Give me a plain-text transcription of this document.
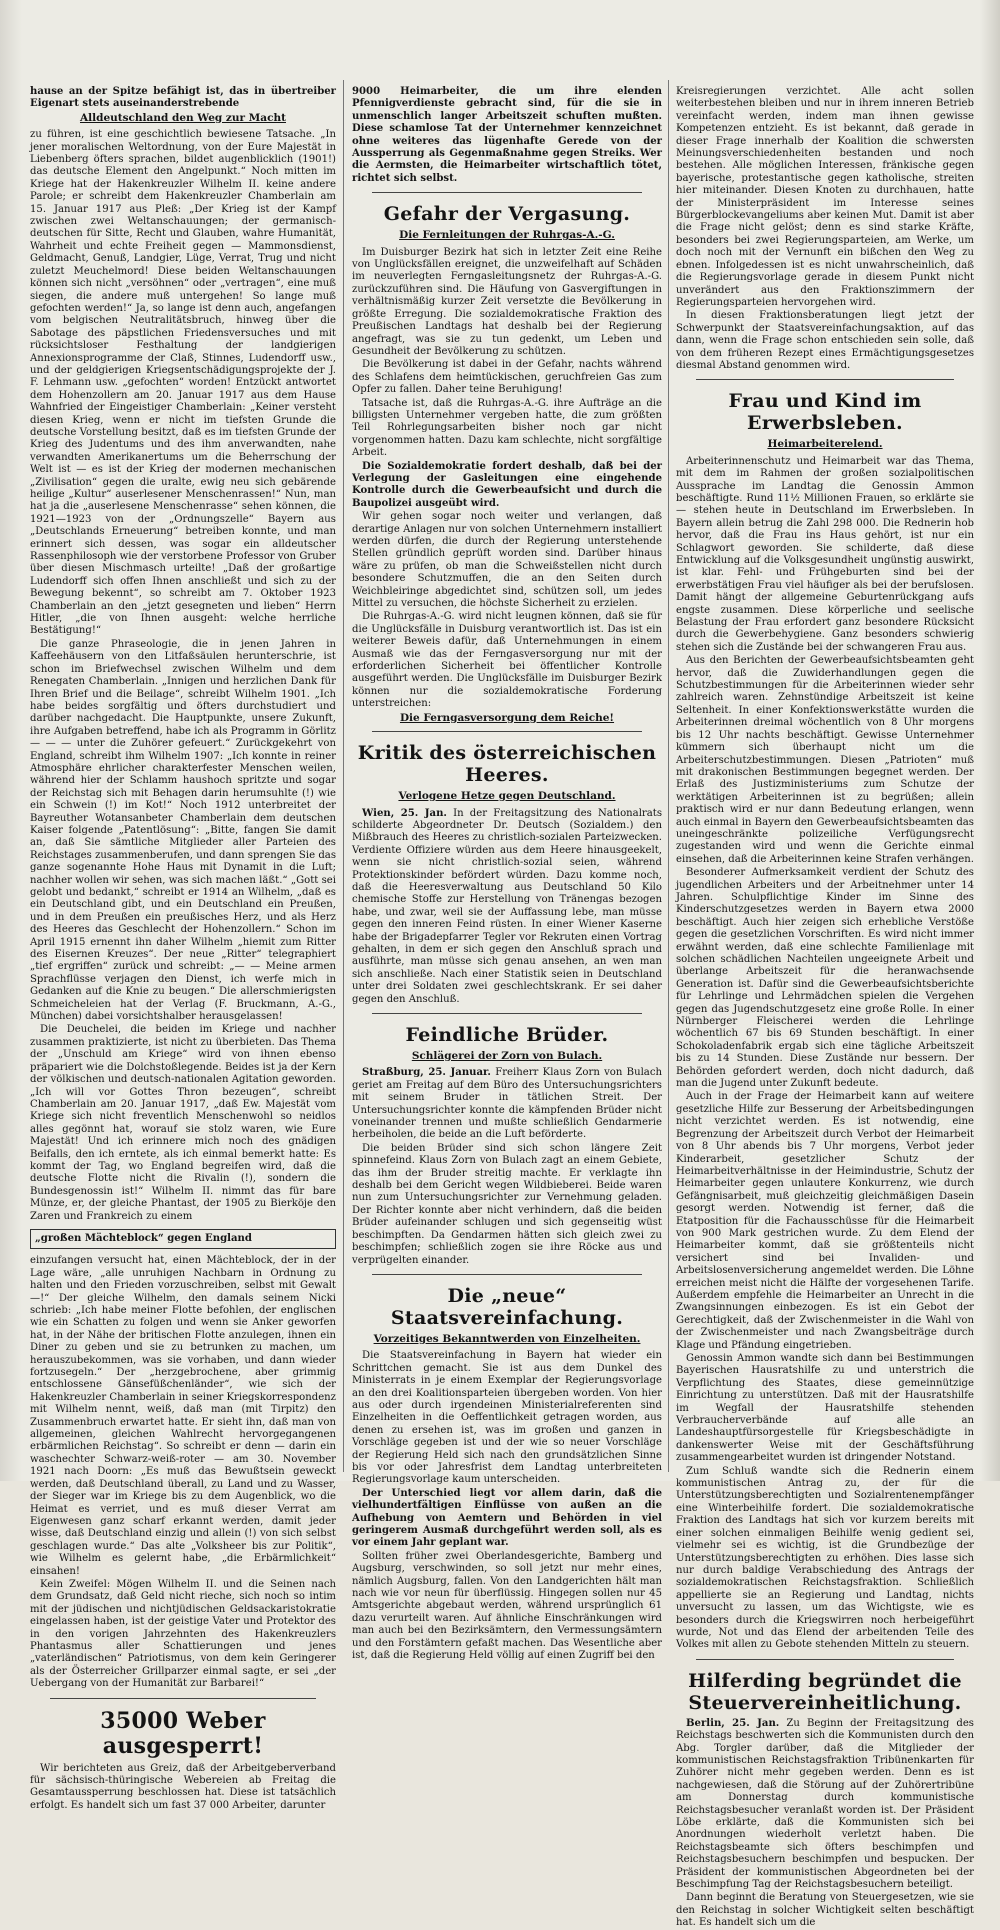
hause an der Spitze befähigt ist, das in übertreiber Eigenart stets auseinanderstrebende

Alldeutschland den Weg zur Macht

zu führen, ist eine geschichtlich bewiesene Tatsache. „In jener moralischen Weltordnung, von der Eure Majestät in Liebenberg öfters sprachen, bildet augenblicklich (1901!) das deutsche Element den Angelpunkt.“ Noch mitten im Kriege hat der Hakenkreuzler Wilhelm II. keine andere Parole; er schreibt dem Hakenkreuzler Chamberlain am 15. Januar 1917 aus Pleß: „Der Krieg ist der Kampf zwischen zwei Weltanschauungen; der germanisch-deutschen für Sitte, Recht und Glauben, wahre Humanität, Wahrheit und echte Freiheit gegen — Mammonsdienst, Geldmacht, Genuß, Landgier, Lüge, Verrat, Trug und nicht zuletzt Meuchelmord! Diese beiden Weltanschauungen können sich nicht „versöhnen“ oder „vertragen“, eine muß siegen, die andere muß untergehen! So lange muß gefochten werden!“ Ja, so lange ist denn auch, angefangen vom belgischen Neutralitätsbruch, hinweg über die Sabotage des päpstlichen Friedensversuches und mit rücksichtsloser Festhaltung der landgierigen Annexionsprogramme der Claß, Stinnes, Ludendorff usw., und der geldgierigen Kriegsentschädigungsprojekte der J. F. Lehmann usw. „gefochten“ worden! Entzückt antwortet dem Hohenzollern am 20. Januar 1917 aus dem Hause Wahnfried der Eingeistiger Chamberlain: „Keiner versteht diesen Krieg, wenn er nicht im tiefsten Grunde die deutsche Vorstellung besitzt, daß es im tiefsten Grunde der Krieg des Judentums und des ihm anverwandten, nahe verwandten Amerikanertums um die Beherrschung der Welt ist — es ist der Krieg der modernen mechanischen „Zivilisation“ gegen die uralte, ewig neu sich gebärende heilige „Kultur“ auserlesener Menschenrassen!“ Nun, man hat ja die „auserlesene Menschenrasse“ sehen können, die 1921—1923 von der „Ordnungszelle“ Bayern aus „Deutschlands Erneuerung“ betreiben konnte, und man erinnert sich dessen, was sogar ein alldeutscher Rassenphilosoph wie der verstorbene Professor von Gruber über diesen Mischmasch urteilte! „Daß der großartige Ludendorff sich offen Ihnen anschließt und sich zu der Bewegung bekennt“, so schreibt am 7. Oktober 1923 Chamberlain an den „jetzt gesegneten und lieben“ Herrn Hitler, „die von Ihnen ausgeht: welche herrliche Bestätigung!“

Die ganze Phraseologie, die in jenen Jahren in Kaffeehäusern von den Litfaßsäulen herunterschrie, ist schon im Briefwechsel zwischen Wilhelm und dem Renegaten Chamberlain. „Innigen und herzlichen Dank für Ihren Brief und die Beilage“, schreibt Wilhelm 1901. „Ich habe beides sorgfältig und öfters durchstudiert und darüber nachgedacht. Die Hauptpunkte, unsere Zukunft, ihre Aufgaben betreffend, habe ich als Programm in Görlitz — — — unter die Zuhörer gefeuert.“ Zurückgekehrt von England, schreibt ihm Wilhelm 1907: „Ich konnte in reiner Atmosphäre ehrlicher charakterfester Menschen weilen, während hier der Schlamm haushoch spritzte und sogar der Reichstag sich mit Behagen darin herumsuhlte (!) wie ein Schwein (!) im Kot!“ Noch 1912 unterbreitet der Bayreuther Wotansanbeter Chamberlain dem deutschen Kaiser folgende „Patentlösung“: „Bitte, fangen Sie damit an, daß Sie sämtliche Mitglieder aller Parteien des Reichstages zusammenberufen, und dann sprengen Sie das ganze sogenannte Hohe Haus mit Dynamit in die Luft; nachher wollen wir sehen, was sich machen läßt.“ „Gott sei gelobt und bedankt,“ schreibt er 1914 an Wilhelm, „daß es ein Deutschland gibt, und ein Deutschland ein Preußen, und in dem Preußen ein preußisches Herz, und als Herz des Heeres das Geschlecht der Hohenzollern.“ Schon im April 1915 ernennt ihn daher Wilhelm „hiemit zum Ritter des Eisernen Kreuzes“. Der neue „Ritter“ telegraphiert „tief ergriffen“ zurück und schreibt: „— — Meine armen Sprachflüsse verjagen den Dienst, ich werfe mich in Gedanken auf die Knie zu beugen.“ Die allerschmierigsten Schmeicheleien hat der Verlag (F. Bruckmann, A.-G., München) dabei vorsichtshalber herausgelassen!

Die Deuchelei, die beiden im Kriege und nachher zusammen praktizierte, ist nicht zu überbieten. Das Thema der „Unschuld am Kriege“ wird von ihnen ebenso präpariert wie die Dolchstoßlegende. Beides ist ja der Kern der völkischen und deutsch-nationalen Agitation geworden. „Ich will vor Gottes Thron bezeugen“, schreibt Chamberlain am 20. Januar 1917, „daß Ew. Majestät vom Kriege sich nicht freventlich Menschenwohl so neidlos alles gegönnt hat, worauf sie stolz waren, wie Eure Majestät! Und ich erinnere mich noch des gnädigen Beifalls, den ich erntete, als ich einmal bemerkt hatte: Es kommt der Tag, wo England begreifen wird, daß die deutsche Flotte nicht die Rivalin (!), sondern die Bundesgenossin ist!“ Wilhelm II. nimmt das für bare Münze, er, der gleiche Phantast, der 1905 zu Bierköje den Zaren und Frankreich zu einem

„großen Mächteblock“ gegen England

einzufangen versucht hat, einen Mächteblock, der in der Lage wäre, „alle unruhigen Nachbarn in Ordnung zu halten und den Frieden vorzuschreiben, selbst mit Gewalt —!“ Der gleiche Wilhelm, den damals seinem Nicki schrieb: „Ich habe meiner Flotte befohlen, der englischen wie ein Schatten zu folgen und wenn sie Anker geworfen hat, in der Nähe der britischen Flotte anzulegen, ihnen ein Diner zu geben und sie zu betrunken zu machen, um herauszubekommen, was sie vorhaben, und dann wieder fortzusegeln.“ Der „herzgebrochene, aber grimmig entschlossene Gänsefüßchenländer“, wie sich der Hakenkreuzler Chamberlain in seiner Kriegskorrespondenz mit Wilhelm nennt, weiß, daß man (mit Tirpitz) den Zusammenbruch erwartet hatte. Er sieht ihn, daß man von allgemeinen, gleichen Wahlrecht hervorgegangenen erbärmlichen Reichstag“. So schreibt er denn — darin ein waschechter Schwarz-weiß-roter — am 30. November 1921 nach Doorn: „Es muß das Bewußtsein geweckt werden, daß Deutschland überall, zu Land und zu Wasser, der Sieger war im Kriege bis zu dem Augenblick, wo die Heimat es verriet, und es muß dieser Verrat am Eigenwesen ganz scharf erkannt werden, damit jeder wisse, daß Deutschland einzig und allein (!) von sich selbst geschlagen wurde.“ Das alte „Volksheer bis zur Politik“, wie Wilhelm es gelernt habe, „die Erbärmlichkeit“ einsahen!

Kein Zweifel: Mögen Wilhelm II. und die Seinen nach dem Grundsatz, daß Geld nicht rieche, sich noch so intim mit der jüdischen und nichtjüdischen Geldsackaristokratie eingelassen haben, ist der geistige Vater und Protektor des in den vorigen Jahrzehnten des Hakenkreuzlers Phantasmus aller Schattierungen und jenes „vaterländischen“ Patriotismus, von dem kein Geringerer als der Österreicher Grillparzer einmal sagte, er sei „der Uebergang von der Humanität zur Barbarei!“

35000 Weber ausgesperrt!

Wir berichteten aus Greiz, daß der Arbeitgeberverband für sächsisch-thüringische Webereien ab Freitag die Gesamtaussperrung beschlossen hat. Diese ist tatsächlich erfolgt. Es handelt sich um fast 37 000 Arbeiter, darunter

9000 Heimarbeiter, die um ihre elenden Pfennigverdienste gebracht sind, für die sie in unmenschlich langer Arbeitszeit schuften mußten. Diese schamlose Tat der Unternehmer kennzeichnet ohne weiteres das lügenhafte Gerede von der Aussperrung als Gegenmaßnahme gegen Streiks. Wer die Aermsten, die Heimarbeiter wirtschaftlich tötet, richtet sich selbst.

Gefahr der Vergasung.
Die Fernleitungen der Ruhrgas-A.-G.

Im Duisburger Bezirk hat sich in letzter Zeit eine Reihe von Unglücksfällen ereignet, die unzweifelhaft auf Schäden im neuverlegten Ferngasleitungsnetz der Ruhrgas-A.-G. zurückzuführen sind. Die Häufung von Gasvergiftungen in verhältnismäßig kurzer Zeit versetzte die Bevölkerung in größte Erregung. Die sozialdemokratische Fraktion des Preußischen Landtags hat deshalb bei der Regierung angefragt, was sie zu tun gedenkt, um Leben und Gesundheit der Bevölkerung zu schützen.

Die Bevölkerung ist dabei in der Gefahr, nachts während des Schlafens dem heimtückischen, geruchfreien Gas zum Opfer zu fallen. Daher teine Beruhigung!

Tatsache ist, daß die Ruhrgas-A.-G. ihre Aufträge an die billigsten Unternehmer vergeben hatte, die zum größten Teil Rohrlegungsarbeiten bisher noch gar nicht vorgenommen hatten. Dazu kam schlechte, nicht sorgfältige Arbeit.

Die Sozialdemokratie fordert deshalb, daß bei der Verlegung der Gasleitungen eine eingehende Kontrolle durch die Gewerbeaufsicht und durch die Baupolizei ausgeübt wird.

Wir gehen sogar noch weiter und verlangen, daß derartige Anlagen nur von solchen Unternehmern installiert werden dürfen, die durch der Regierung unterstehende Stellen gründlich geprüft worden sind. Darüber hinaus wäre zu prüfen, ob man die Schweißstellen nicht durch besondere Schutzmuffen, die an den Seiten durch Weichbleiringe abgedichtet sind, schützen soll, um jedes Mittel zu versuchen, die höchste Sicherheit zu erzielen.

Die Ruhrgas-A.-G. wird nicht leugnen können, daß sie für die Unglücksfälle in Duisburg verantwortlich ist. Das ist ein weiterer Beweis dafür, daß Unternehmungen in einem Ausmaß wie das der Ferngasversorgung nur mit der erforderlichen Sicherheit bei öffentlicher Kontrolle ausgeführt werden. Die Unglücksfälle im Duisburger Bezirk können nur die sozialdemokratische Forderung unterstreichen:

Die Ferngasversorgung dem Reiche!
Kritik des österreichischen Heeres.
Verlogene Hetze gegen Deutschland.

Wien, 25. Jan. In der Freitagsitzung des Nationalrats schilderte Abgeordneter Dr. Deutsch (Sozialdem.) den Mißbrauch des Heeres zu christlich-sozialen Parteizwecken. Verdiente Offiziere würden aus dem Heere hinausgeekelt, wenn sie nicht christlich-sozial seien, während Protektionskinder befördert würden. Dazu komme noch, daß die Heeresverwaltung aus Deutschland 50 Kilo chemische Stoffe zur Herstellung von Tränengas bezogen habe, und zwar, weil sie der Auffassung lebe, man müsse gegen den inneren Feind rüsten. In einer Wiener Kaserne habe der Brigadepfarrer Tegler vor Rekruten einen Vortrag gehalten, in dem er sich gegen den Anschluß sprach und ausführte, man müsse sich genau ansehen, an wen man sich anschließe. Nach einer Statistik seien in Deutschland unter drei Soldaten zwei geschlechtskrank. Er sei daher gegen den Anschluß.

Feindliche Brüder.
Schlägerei der Zorn von Bulach.

Straßburg, 25. Januar. Freiherr Klaus Zorn von Bulach geriet am Freitag auf dem Büro des Untersuchungsrichters mit seinem Bruder in tätlichen Streit. Der Untersuchungsrichter konnte die kämpfenden Brüder nicht voneinander trennen und mußte schließlich Gendarmerie herbeiholen, die beide an die Luft beförderte.

Die beiden Brüder sind sich schon längere Zeit spinnefeind. Klaus Zorn von Bulach zagt an einem Gebiete, das ihm der Bruder streitig machte. Er verklagte ihn deshalb bei dem Gericht wegen Wildbieberei. Beide waren nun zum Untersuchungsrichter zur Vernehmung geladen. Der Richter konnte aber nicht verhindern, daß die beiden Brüder aufeinander schlugen und sich gegenseitig wüst beschimpften. Da Gendarmen hätten sich gleich zwei zu beschimpfen; schließlich zogen sie ihre Röcke aus und verprügelten einander.

Die „neue“ Staatsvereinfachung.
Vorzeitiges Bekanntwerden von Einzelheiten.

Die Staatsvereinfachung in Bayern hat wieder ein Schrittchen gemacht. Sie ist aus dem Dunkel des Ministerrats in je einem Exemplar der Regierungsvorlage an den drei Koalitionsparteien übergeben worden. Von hier aus oder durch irgendeinen Ministerialreferenten sind Einzelheiten in die Oeffentlichkeit getragen worden, aus denen zu ersehen ist, was im großen und ganzen in Vorschläge gegeben ist und der wie so neuer Vorschläge der Regierung Held sich nach den grundsätzlichen Sinne bis vor oder Jahresfrist dem Landtag unterbreiteten Regierungsvorlage kaum unterscheiden.

Der Unterschied liegt vor allem darin, daß die vielhundertfältigen Einflüsse von außen an die Aufhebung von Aemtern und Behörden in viel geringerem Ausmaß durchgeführt werden soll, als es vor einem Jahr geplant war.

Sollten früher zwei Oberlandesgerichte, Bamberg und Augsburg, verschwinden, so soll jetzt nur mehr eines, nämlich Augsburg, fallen. Von den Landgerichten hält man nach wie vor neun für überflüssig. Hingegen sollen nur 45 Amtsgerichte abgebaut werden, während ursprünglich 61 dazu verurteilt waren. Auf ähnliche Einschränkungen wird man auch bei den Bezirksämtern, den Vermessungsämtern und den Forstämtern gefaßt machen. Das Wesentliche aber ist, daß die Regierung Held völlig auf einen Zugriff bei den

Kreisregierungen verzichtet. Alle acht sollen weiterbestehen bleiben und nur in ihrem inneren Betrieb vereinfacht werden, indem man ihnen gewisse Kompetenzen entzieht. Es ist bekannt, daß gerade in dieser Frage innerhalb der Koalition die schwersten Meinungsverschiedenheiten bestanden und noch bestehen. Alle möglichen Interessen, fränkische gegen bayerische, protestantische gegen katholische, streiten hier miteinander. Diesen Knoten zu durchhauen, hatte der Ministerpräsident im Interesse seines Bürgerblockevangeliums aber keinen Mut. Damit ist aber die Frage nicht gelöst; denn es sind starke Kräfte, besonders bei zwei Regierungsparteien, am Werke, um doch noch mit der Vernunft ein bißchen den Weg zu ebnen. Infolgedessen ist es nicht unwahrscheinlich, daß die Regierungsvorlage gerade in diesem Punkt nicht unverändert aus den Fraktionszimmern der Regierungsparteien hervorgehen wird.

In diesen Fraktionsberatungen liegt jetzt der Schwerpunkt der Staatsvereinfachungsaktion, auf das dann, wenn die Frage schon entschieden sein solle, daß von dem früheren Rezept eines Ermächtigungsgesetzes diesmal Abstand genommen wird.

Frau und Kind im Erwerbsleben.
Heimarbeiterelend.

Arbeiterinnenschutz und Heimarbeit war das Thema, mit dem im Rahmen der großen sozialpolitischen Aussprache im Landtag die Genossin Ammon beschäftigte. Rund 11½ Millionen Frauen, so erklärte sie — stehen heute in Deutschland im Erwerbsleben. In Bayern allein betrug die Zahl 298 000. Die Rednerin hob hervor, daß die Frau ins Haus gehört, ist nur ein Schlagwort geworden. Sie schilderte, daß diese Entwicklung auf die Volksgesundheit ungünstig auswirkt, ist klar. Fehl- und Frühgeburten sind bei der erwerbstätigen Frau viel häufiger als bei der berufslosen. Damit hängt der allgemeine Geburtenrückgang aufs engste zusammen. Diese körperliche und seelische Belastung der Frau erfordert ganz besondere Rücksicht durch die Gewerbehygiene. Ganz besonders schwierig stehen sich die Zustände bei der schwangeren Frau aus.

Aus den Berichten der Gewerbeaufsichtsbeamten geht hervor, daß die Zuwiderhandlungen gegen die Schutzbestimmungen für die Arbeiterinnen wieder sehr zahlreich waren. Zehnstündige Arbeitszeit ist keine Seltenheit. In einer Konfektionswerkstätte wurden die Arbeiterinnen dreimal wöchentlich von 8 Uhr morgens bis 12 Uhr nachts beschäftigt. Gewisse Unternehmer kümmern sich überhaupt nicht um die Arbeiterschutzbestimmungen. Diesen „Patrioten“ muß mit drakonischen Bestimmungen begegnet werden. Der Erlaß des Justizministeriums zum Schutze der werktätigen Arbeiterinnen ist zu begrüßen; allein praktisch wird er nur dann Bedeutung erlangen, wenn auch einmal in Bayern den Gewerbeaufsichtsbeamten das uneingeschränkte polizeiliche Verfügungsrecht zugestanden wird und wenn die Gerichte einmal einsehen, daß die Arbeiterinnen keine Strafen verhängen.

Besonderer Aufmerksamkeit verdient der Schutz des jugendlichen Arbeiters und der Arbeitnehmer unter 14 Jahren. Schulpflichtige Kinder im Sinne des Kinderschutzgesetzes werden in Bayern etwa 2000 beschäftigt. Auch hier zeigen sich erhebliche Verstöße gegen die gesetzlichen Vorschriften. Es wird nicht immer erwähnt werden, daß eine schlechte Familienlage mit solchen schädlichen Nachteilen ungeeignete Arbeit und überlange Arbeitszeit für die heranwachsende Generation ist. Dafür sind die Gewerbeaufsichtsberichte für Lehrlinge und Lehrmädchen spielen die Vergehen gegen das Jugendschutzgesetz eine große Rolle. In einer Nürnberger Fleischerei werden die Lehrlinge wöchentlich 67 bis 69 Stunden beschäftigt. In einer Schokoladenfabrik ergab sich eine tägliche Arbeitszeit bis zu 14 Stunden. Diese Zustände nur bessern. Der Behörden gefordert werden, doch nicht dadurch, daß man die Jugend unter Zukunft bedeute.

Auch in der Frage der Heimarbeit kann auf weitere gesetzliche Hilfe zur Besserung der Arbeitsbedingungen nicht verzichtet werden. Es ist notwendig, eine Begrenzung der Arbeitszeit durch Verbot der Heimarbeit von 8 Uhr abends bis 7 Uhr morgens, Verbot jeder Kinderarbeit, gesetzlicher Schutz der Heimarbeitverhältnisse in der Heimindustrie, Schutz der Heimarbeiter gegen unlautere Konkurrenz, wie durch Gefängnisarbeit, muß gleichzeitig gleichmäßigen Dasein gesorgt werden. Notwendig ist ferner, daß die Etatposition für die Fachausschüsse für die Heimarbeit von 900 Mark gestrichen wurde. Zu dem Elend der Heimarbeiter kommt, daß sie größtenteils nicht versichert sind bei Invaliden- und Arbeitslosenversicherung angemeldet werden. Die Löhne erreichen meist nicht die Hälfte der vorgesehenen Tarife. Außerdem empfehle die Heimarbeiter an Unrecht in die Zwangsinnungen einbezogen. Es ist ein Gebot der Gerechtigkeit, daß der Zwischenmeister in die Wahl von der Zwischenmeister und nach Zwangsbeiträge durch Klage und Pfändung eingetrieben.

Genossin Ammon wandte sich dann bei Bestimmungen Bayerischen Hausratshilfe zu und unterstrich die Verpflichtung des Staates, diese gemeinnützige Einrichtung zu unterstützen. Daß mit der Hausratshilfe im Wegfall der Hausratshilfe stehenden Verbraucherverbände auf alle an Landeshauptfürsorgestelle für Kriegsbeschädigte in dankenswerter Weise mit der Geschäftsführung zusammengearbeitet wurden ist dringender Notstand.

Zum Schluß wandte sich die Rednerin einem kommunistischen Antrag zu, der für die Unterstützungsberechtigten und Sozialrentenempfänger eine Winterbeihilfe fordert. Die sozialdemokratische Fraktion des Landtags hat sich vor kurzem bereits mit einer solchen einmaligen Beihilfe wenig gedient sei, vielmehr sei es wichtig, ist die Grundbezüge der Unterstützungsberechtigten zu erhöhen. Dies lasse sich nur durch baldige Verabschiedung des Antrags der sozialdemokratischen Reichstagsfraktion. Schließlich appellierte sie an Regierung und Landtag, nichts unversucht zu lassen, um das Wichtigste, wie es besonders durch die Kriegswirren noch herbeigeführt wurde, Not und das Elend der arbeitenden Teile des Volkes mit allen zu Gebote stehenden Mitteln zu steuern.

Hilferding begründet die Steuervereinheitlichung.

Berlin, 25. Jan. Zu Beginn der Freitagsitzung des Reichstags beschwerten sich die Kommunisten durch den Abg. Torgler darüber, daß die Mitglieder der kommunistischen Reichstagsfraktion Tribünenkarten für Zuhörer nicht mehr gegeben werden. Denn es ist nachgewiesen, daß die Störung auf der Zuhörertribüne am Donnerstag durch kommunistische Reichstagsbesucher veranlaßt worden ist. Der Präsident Löbe erklärte, daß die Kommunisten sich bei Anordnungen wiederholt verletzt haben. Die Reichstagsbeamte sich öfters beschimpfen und Reichstagsbesuchern beschimpfen und bespucken. Der Präsident der kommunistischen Abgeordneten bei der Beschimpfung Tag der Reichstagsbesuchern beteiligt.

Dann beginnt die Beratung von Steuergesetzen, wie sie den Reichstag in solcher Wichtigkeit selten beschäftigt hat. Es handelt sich um die
